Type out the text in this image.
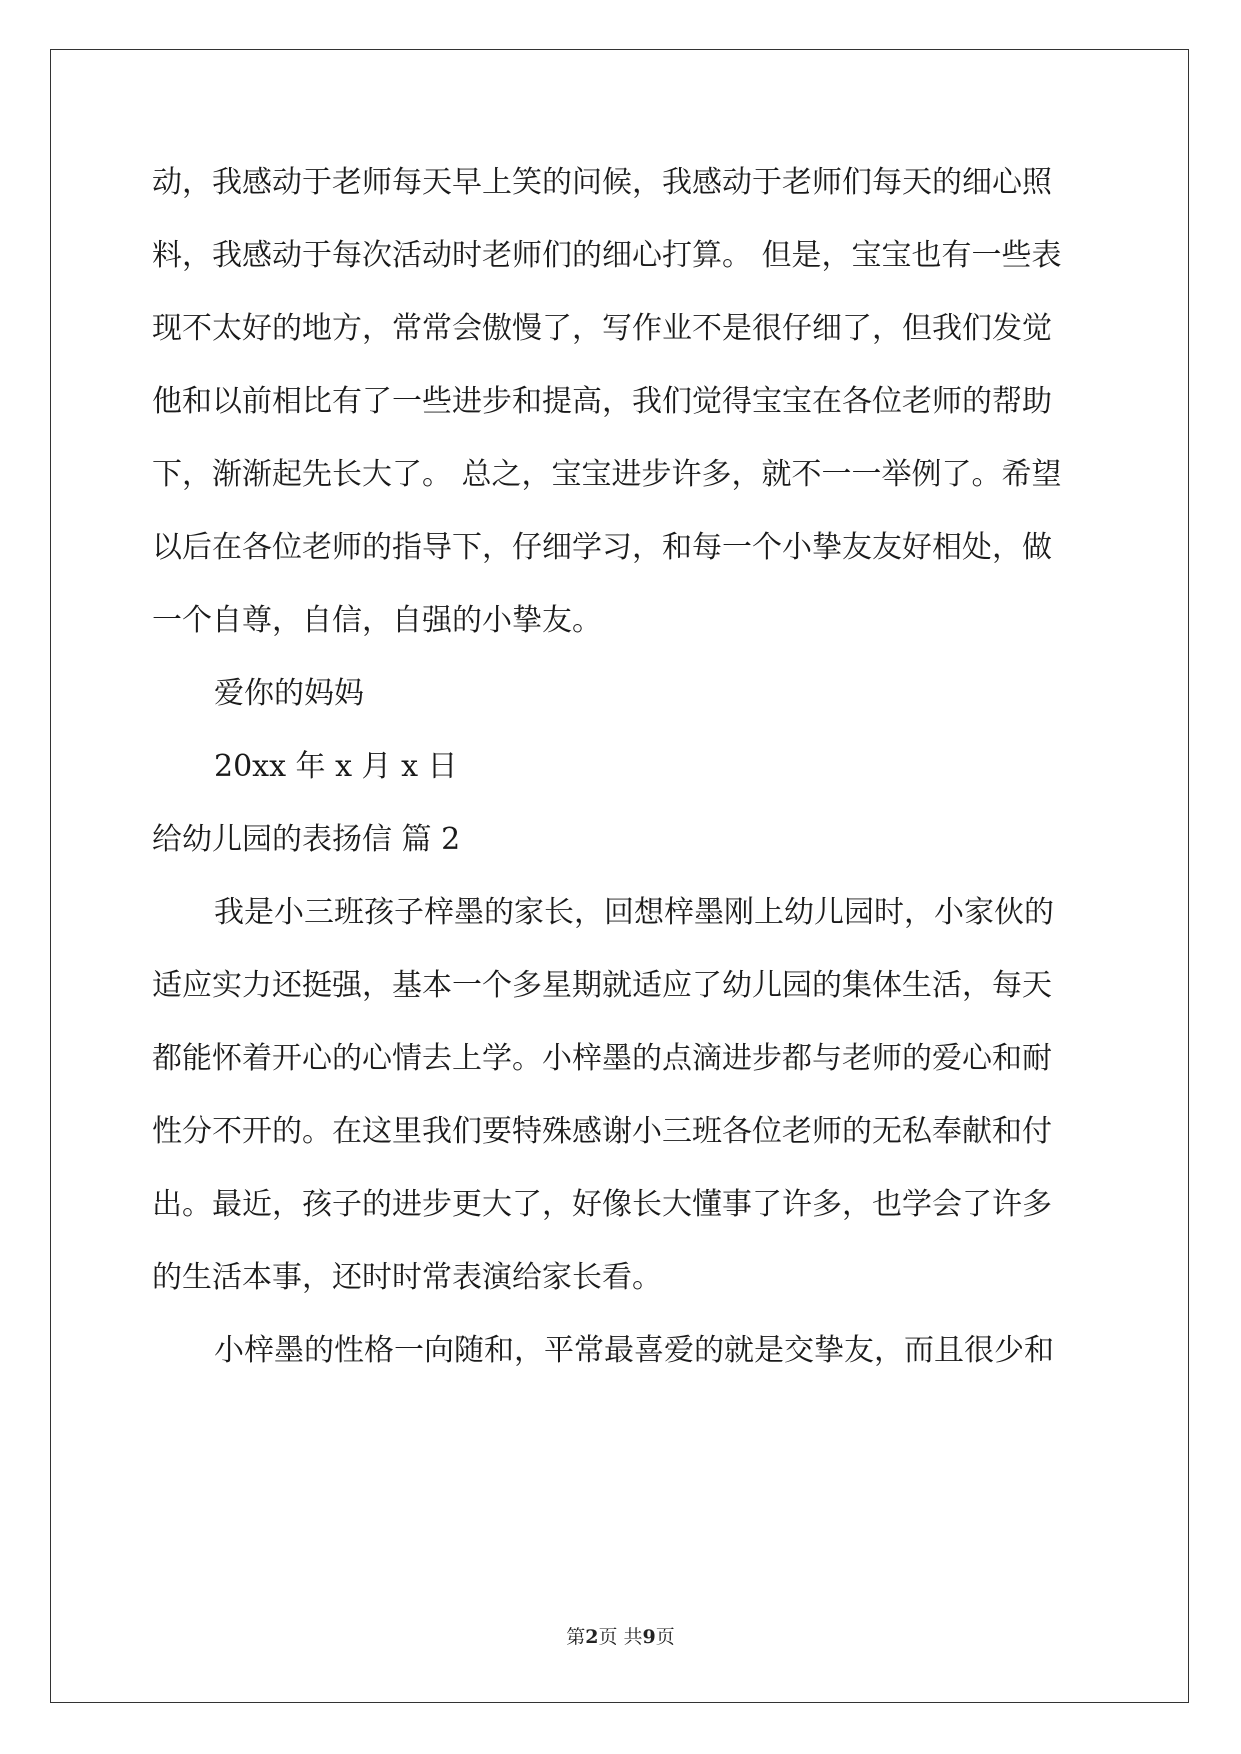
动，我感动于老师每天早上笑的问候，我感动于老师们每天的细心照
料，我感动于每次活动时老师们的细心打算。 但是，宝宝也有一些表
现不太好的地方，常常会傲慢了，写作业不是很仔细了，但我们发觉
他和以前相比有了一些进步和提高，我们觉得宝宝在各位老师的帮助
下，渐渐起先长大了。 总之，宝宝进步许多，就不一一举例了。希望
以后在各位老师的指导下，仔细学习，和每一个小挚友友好相处，做
一个自尊，自信，自强的小挚友。
爱你的妈妈
20xx 年 x 月 x 日
给幼儿园的表扬信 篇 2
我是小三班孩子梓墨的家长，回想梓墨刚上幼儿园时，小家伙的
适应实力还挺强，基本一个多星期就适应了幼儿园的集体生活，每天
都能怀着开心的心情去上学。小梓墨的点滴进步都与老师的爱心和耐
性分不开的。在这里我们要特殊感谢小三班各位老师的无私奉献和付
出。最近，孩子的进步更大了，好像长大懂事了许多，也学会了许多
的生活本事，还时时常表演给家长看。
小梓墨的性格一向随和，平常最喜爱的就是交挚友，而且很少和
第2页 共9页
